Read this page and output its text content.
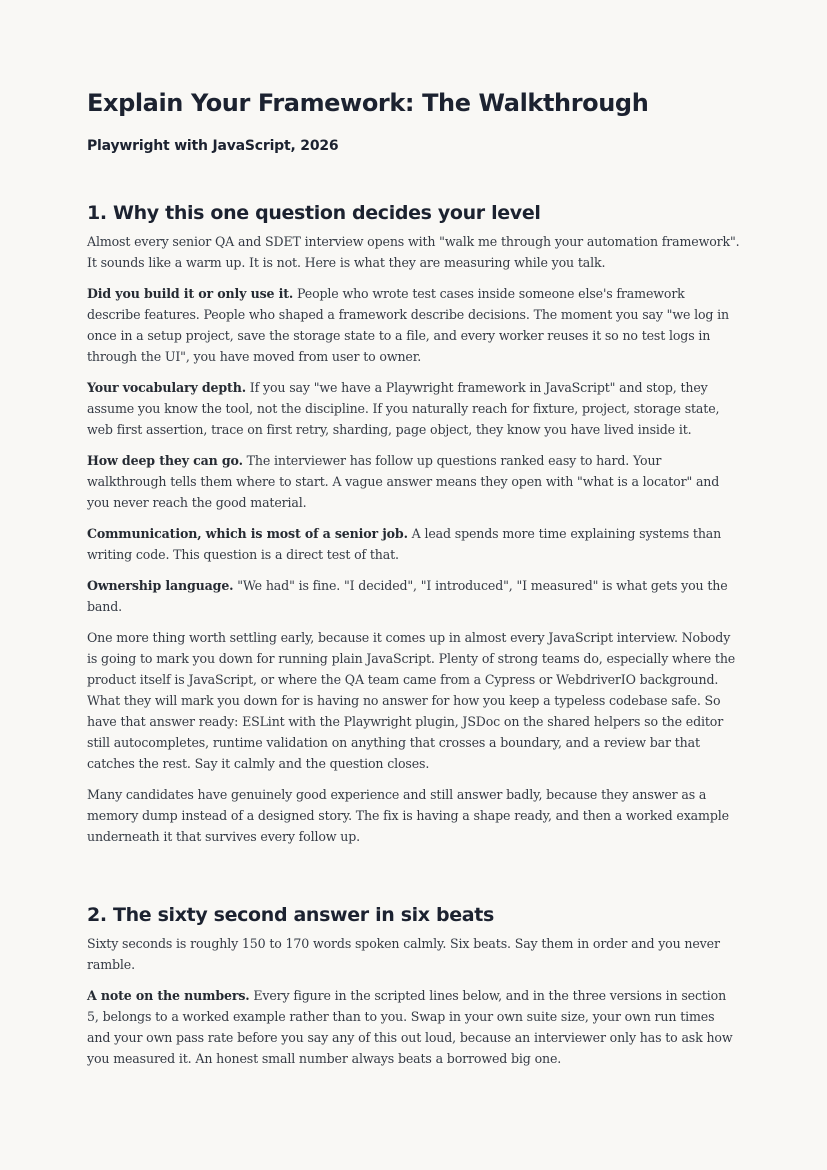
Explain Your Framework: The Walkthrough
Playwright with JavaScript, 2026
1. Why this one question decides your level

Almost every senior QA and SDET interview opens with "walk me through your automation framework". It sounds like a warm up. It is not. Here is what they are measuring while you talk.

Did you build it or only use it. People who wrote test cases inside someone else's framework describe features. People who shaped a framework describe decisions. The moment you say "we log in once in a setup project, save the storage state to a file, and every worker reuses it so no test logs in through the UI", you have moved from user to owner.

Your vocabulary depth. If you say "we have a Playwright framework in JavaScript" and stop, they assume you know the tool, not the discipline. If you naturally reach for fixture, project, storage state, web first assertion, trace on first retry, sharding, page object, they know you have lived inside it.

How deep they can go. The interviewer has follow up questions ranked easy to hard. Your walkthrough tells them where to start. A vague answer means they open with "what is a locator" and you never reach the good material.

Communication, which is most of a senior job. A lead spends more time explaining systems than writing code. This question is a direct test of that.

Ownership language. "We had" is fine. "I decided", "I introduced", "I measured" is what gets you the band.

One more thing worth settling early, because it comes up in almost every JavaScript interview. Nobody is going to mark you down for running plain JavaScript. Plenty of strong teams do, especially where the product itself is JavaScript, or where the QA team came from a Cypress or WebdriverIO background. What they will mark you down for is having no answer for how you keep a typeless codebase safe. So have that answer ready: ESLint with the Playwright plugin, JSDoc on the shared helpers so the editor still autocompletes, runtime validation on anything that crosses a boundary, and a review bar that catches the rest. Say it calmly and the question closes.

Many candidates have genuinely good experience and still answer badly, because they answer as a memory dump instead of a designed story. The fix is having a shape ready, and then a worked example underneath it that survives every follow up.

2. The sixty second answer in six beats

Sixty seconds is roughly 150 to 170 words spoken calmly. Six beats. Say them in order and you never ramble.

A note on the numbers. Every figure in the scripted lines below, and in the three versions in section 5, belongs to a worked example rather than to you. Swap in your own suite size, your own run times and your own pass rate before you say any of this out loud, because an interviewer only has to ask how you measured it. An honest small number always beats a borrowed big one.
